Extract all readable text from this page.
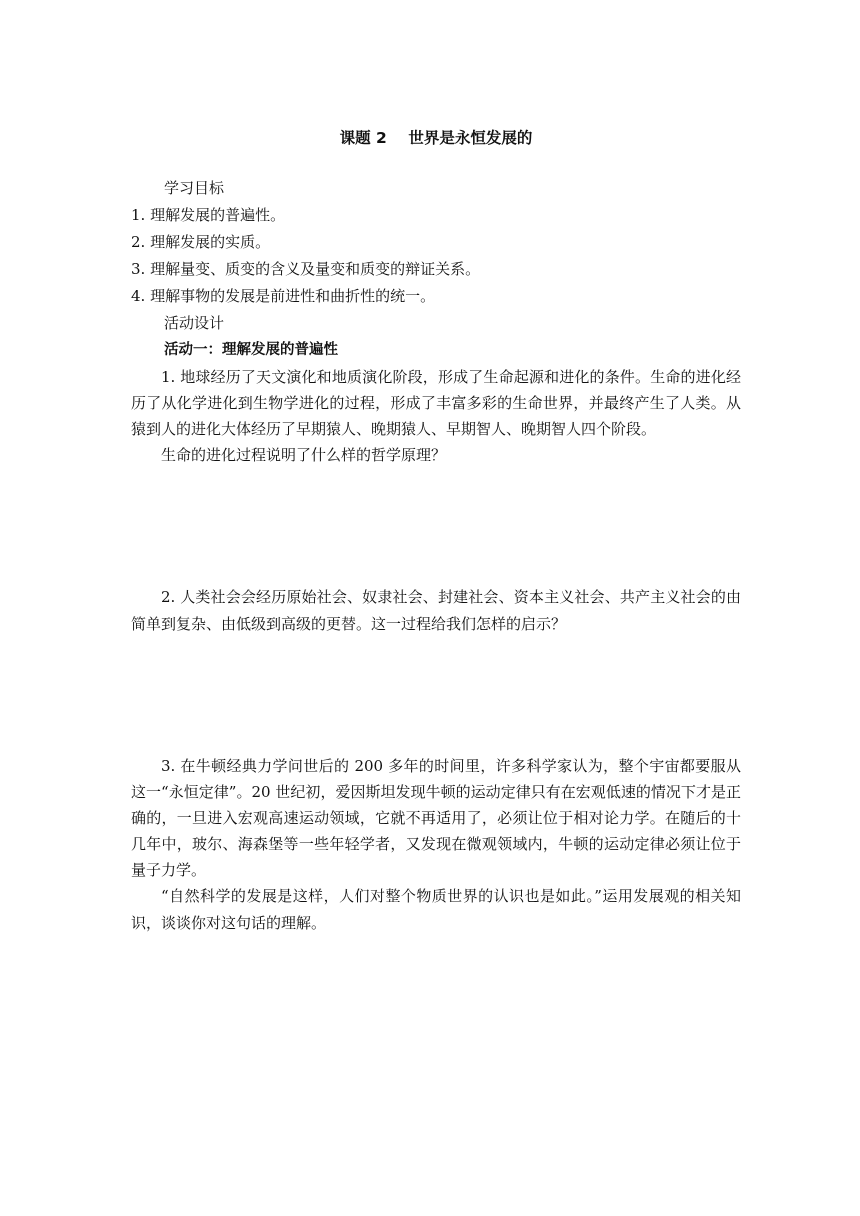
课题 2    世界是永恒发展的
学习目标
1. 理解发展的普遍性。
2. 理解发展的实质。
3. 理解量变、质变的含义及量变和质变的辩证关系。
4. 理解事物的发展是前进性和曲折性的统一。
活动设计
活动一：理解发展的普遍性

1. 地球经历了天文演化和地质演化阶段，形成了生命起源和进化的条件。生命的进化经历了从化学进化到生物学进化的过程，形成了丰富多彩的生命世界，并最终产生了人类。从猿到人的进化大体经历了早期猿人、晚期猿人、早期智人、晚期智人四个阶段。

生命的进化过程说明了什么样的哲学原理？

2. 人类社会会经历原始社会、奴隶社会、封建社会、资本主义社会、共产主义社会的由简单到复杂、由低级到高级的更替。这一过程给我们怎样的启示？

3. 在牛顿经典力学问世后的 200 多年的时间里，许多科学家认为，整个宇宙都要服从这一“永恒定律”。20 世纪初，爱因斯坦发现牛顿的运动定律只有在宏观低速的情况下才是正确的，一旦进入宏观高速运动领域，它就不再适用了，必须让位于相对论力学。在随后的十几年中，玻尔、海森堡等一些年轻学者，又发现在微观领域内，牛顿的运动定律必须让位于量子力学。

“自然科学的发展是这样，人们对整个物质世界的认识也是如此。”运用发展观的相关知识，谈谈你对这句话的理解。
